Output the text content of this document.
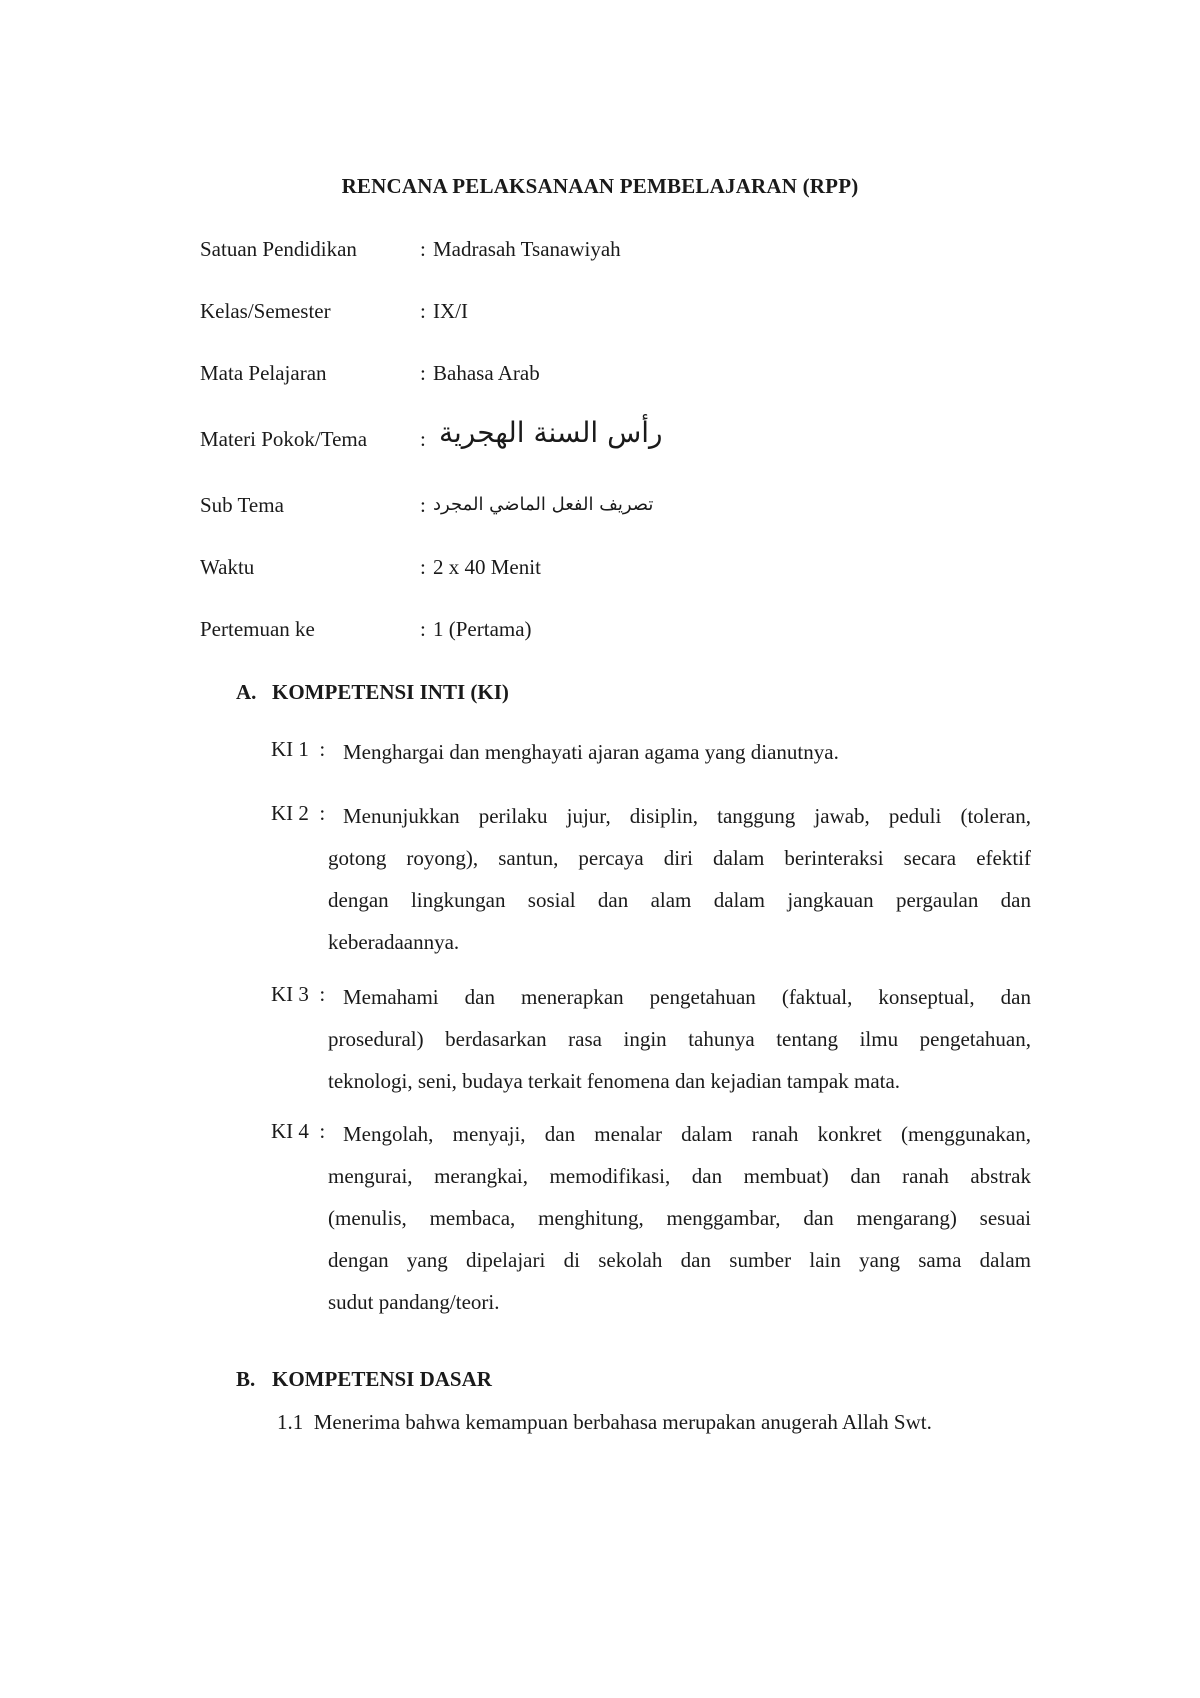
RENCANA PELAKSANAAN PEMBELAJARAN (RPP)
Satuan Pendidikan	: Madrasah Tsanawiyah
Kelas/Semester	: IX/I
Mata Pelajaran	: Bahasa Arab
Materi Pokok/Tema	: رأس السنة الهجرية
Sub Tema	: تصريف الفعل الماضي المجرد
Waktu	: 2 x 40 Menit
Pertemuan ke	: 1 (Pertama)
A. KOMPETENSI INTI (KI)
KI 1 : Menghargai dan menghayati ajaran agama yang dianutnya.
KI 2 : Menunjukkan perilaku jujur, disiplin, tanggung jawab, peduli (toleran,
gotong royong), santun, percaya diri dalam berinteraksi secara efektif
dengan lingkungan sosial dan alam dalam jangkauan pergaulan dan
keberadaannya.
KI 3 : Memahami dan menerapkan pengetahuan (faktual, konseptual, dan
prosedural) berdasarkan rasa ingin tahunya tentang ilmu pengetahuan,
teknologi, seni, budaya terkait fenomena dan kejadian tampak mata.
KI 4 : Mengolah, menyaji, dan menalar dalam ranah konkret (menggunakan,
mengurai, merangkai, memodifikasi, dan membuat) dan ranah abstrak
(menulis, membaca, menghitung, menggambar, dan mengarang) sesuai
dengan yang dipelajari di sekolah dan sumber lain yang sama dalam
sudut pandang/teori.
B. KOMPETENSI DASAR
1.1 Menerima bahwa kemampuan berbahasa merupakan anugerah Allah Swt.
